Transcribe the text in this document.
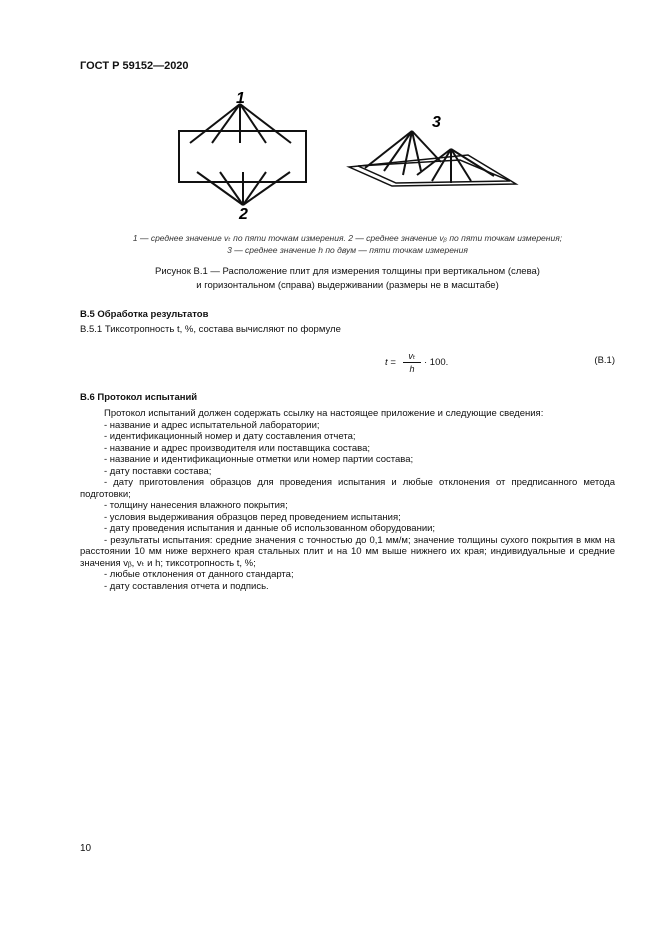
ГОСТ Р 59152—2020

1
2
3

1 — среднее значение vₜ по пяти точкам измерения. 2 — среднее значение vᵦ по пяти точкам измерения;

3 — среднее значение h по двум — пяти точкам измерения

Рисунок В.1 — Расположение плит для измерения толщины при вертикальном (слева)

и горизонтальном (справа) выдерживании (размеры не в масштабе)

В.5 Обработка результатов

В.5.1 Тиксотропность t, %, состава вычисляют по формуле

$t = \frac{\text{vₜ}}{h} \cdot 100$.	(В.1)

В.6 Протокол испытаний

Протокол испытаний должен содержать ссылку на настоящее приложение и следующие сведения:
- название и адрес испытательной лаборатории;
- идентификационный номер и дату составления отчета;
- название и адрес производителя или поставщика состава;
- название и идентификационные отметки или номер партии состава;
- дату поставки состава;
- дату приготовления образцов для проведения испытания и любые отклонения от предписанного метода подготовки;
- толщину нанесения влажного покрытия;
- условия выдерживания образцов перед проведением испытания;
- дату проведения испытания и данные об использованном оборудовании;
- результаты испытания: средние значения с точностью до 0,1 мм/м; значение толщины сухого покрытия в мкм на расстоянии 10 мм ниже верхнего края стальных плит и на 10 мм выше нижнего их края; индивидуальные и средние значения vᵦ, vₜ и h; тиксотропность t, %;
- любые отклонения от данного стандарта;
- дату составления отчета и подпись.

10
